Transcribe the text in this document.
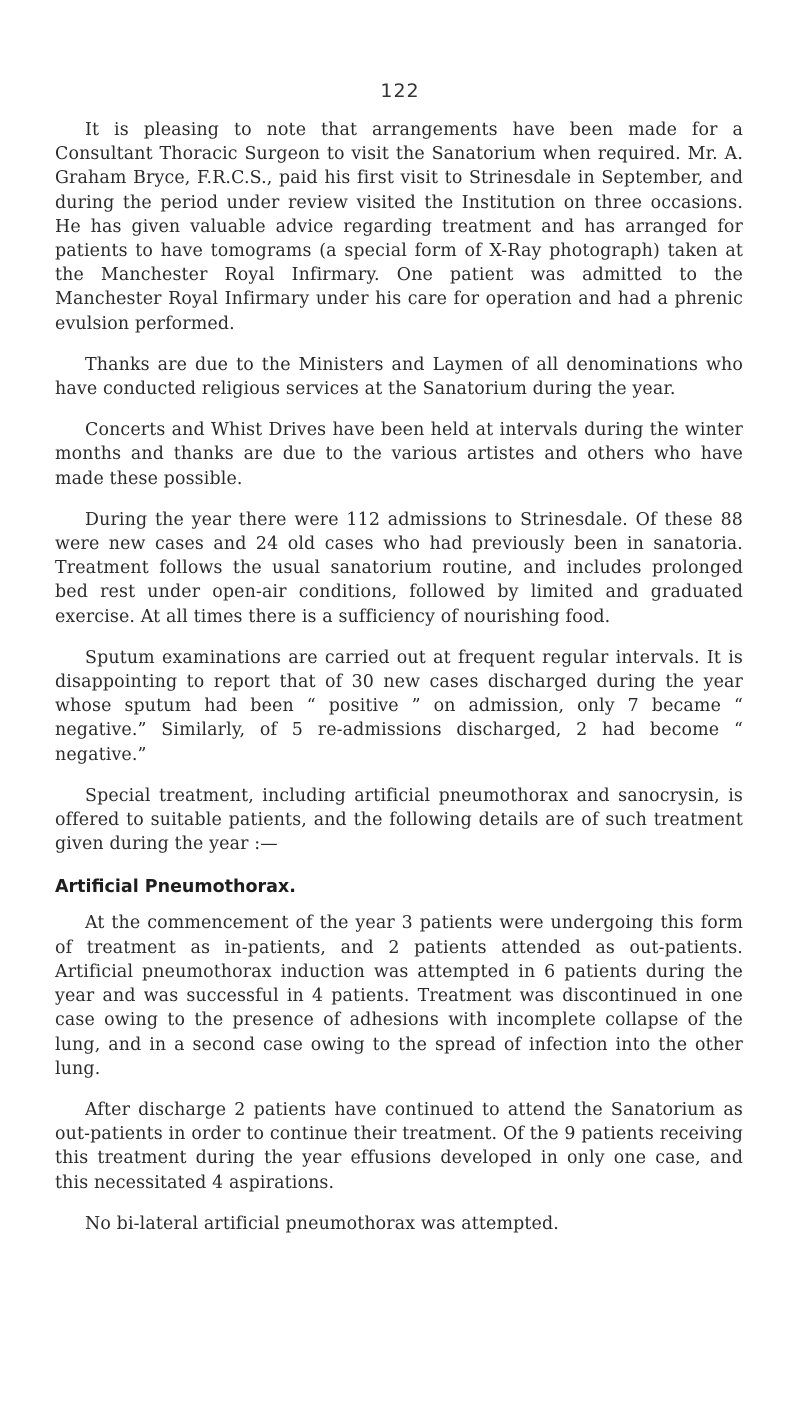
122

It is pleasing to note that arrangements have been made for a Consultant Thoracic Surgeon to visit the Sanatorium when required. Mr. A. Graham Bryce, F.R.C.S., paid his first visit to Strinesdale in September, and during the period under review visited the Institution on three occasions. He has given valuable advice regarding treatment and has arranged for patients to have tomograms (a special form of X-Ray photograph) taken at the Manchester Royal Infirmary. One patient was admitted to the Manchester Royal Infirmary under his care for operation and had a phrenic evulsion performed.

Thanks are due to the Ministers and Laymen of all denominations who have conducted religious services at the Sanatorium during the year.

Concerts and Whist Drives have been held at intervals during the winter months and thanks are due to the various artistes and others who have made these possible.

During the year there were 112 admissions to Strinesdale. Of these 88 were new cases and 24 old cases who had previously been in sanatoria. Treatment follows the usual sanatorium routine, and includes prolonged bed rest under open-air conditions, followed by limited and graduated exercise. At all times there is a sufficiency of nourishing food.

Sputum examinations are carried out at frequent regular intervals. It is disappointing to report that of 30 new cases discharged during the year whose sputum had been “ positive ” on admission, only 7 became “ negative.” Similarly, of 5 re-admissions discharged, 2 had become “ negative.”

Special treatment, including artificial pneumothorax and sanocrysin, is offered to suitable patients, and the following details are of such treatment given during the year :—

Artificial Pneumothorax.

At the commencement of the year 3 patients were undergoing this form of treatment as in-patients, and 2 patients attended as out-patients. Artificial pneumothorax induction was attempted in 6 patients during the year and was successful in 4 patients. Treatment was discontinued in one case owing to the presence of adhesions with incomplete collapse of the lung, and in a second case owing to the spread of infection into the other lung.

After discharge 2 patients have continued to attend the Sanatorium as out-patients in order to continue their treatment. Of the 9 patients receiving this treatment during the year effusions developed in only one case, and this necessitated 4 aspirations.

No bi-lateral artificial pneumothorax was attempted.
